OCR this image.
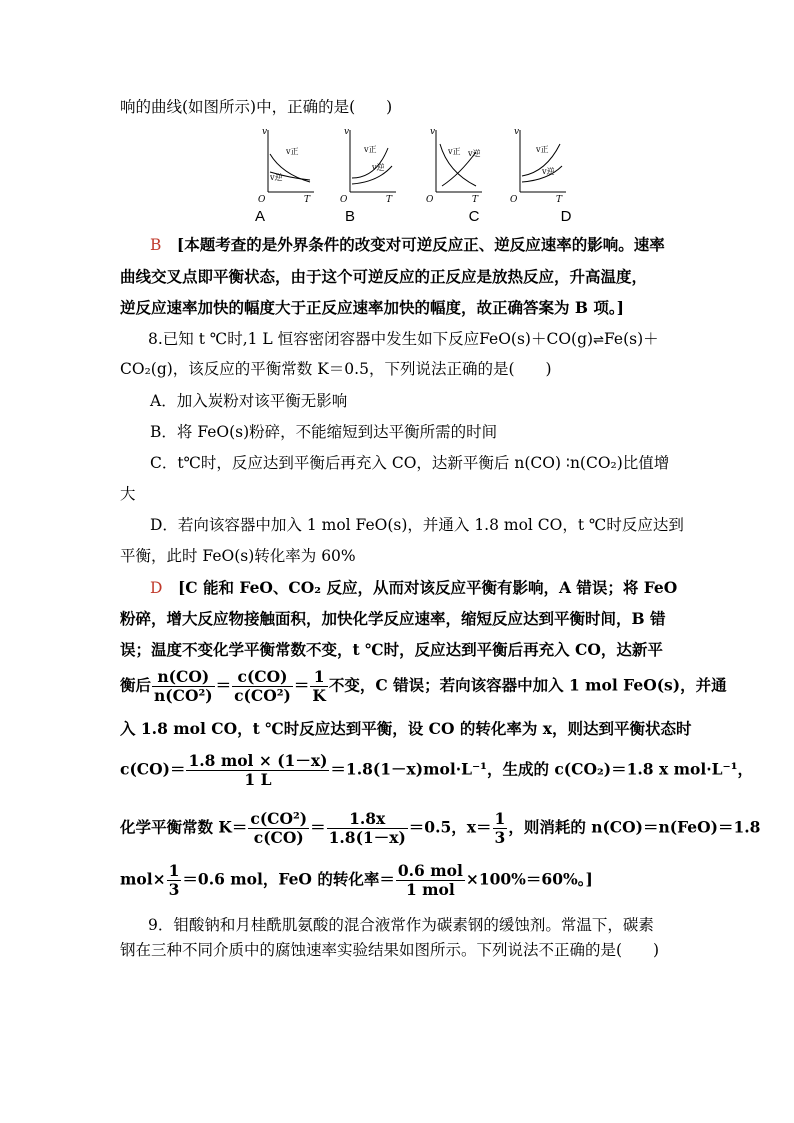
响的曲线(如图所示)中，正确的是(　　)
v
v逆
v正
O	T
v
v正
v逆
O	T
v
v正 v逆
O	T
v
v正
v逆
O	T
A	B	C	D
B　 [本题考查的是外界条件的改变对可逆反应正、逆反应速率的影响。速率
曲线交叉点即平衡状态，由于这个可逆反应的正反应是放热反应，升高温度，
逆反应速率加快的幅度大于正反应速率加快的幅度，故正确答案为 B 项。]
8.已知 t ℃时,1 L 恒容密闭容器中发生如下反应FeO(s)＋CO(g)⇌Fe(s)＋
CO₂(g)，该反应的平衡常数 K＝0.5，下列说法正确的是(　　)
A．加入炭粉对该平衡无影响
B．将 FeO(s)粉碎，不能缩短到达平衡所需的时间
C．t℃时，反应达到平衡后再充入 CO，达新平衡后 n(CO) ∶n(CO₂)比值增
大
D．若向该容器中加入 1 mol FeO(s)，并通入 1.8 mol CO，t ℃时反应达到
平衡，此时 FeO(s)转化率为 60%
D　 [C 能和 FeO、CO₂ 反应，从而对该反应平衡有影响，A 错误；将 FeO
粉碎，增大反应物接触面积，加快化学反应速率，缩短反应达到平衡时间，B 错
误；温度不变化学平衡常数不变，t ℃时，反应达到平衡后再充入 CO，达新平
衡后 $\frac{n(CO)}{\text{n(CO²)}} = \frac{c(CO)}{\text{c(CO²)}} = \frac{1}{K}$ 不变，C 错误；若向该容器中加入 1 mol FeO(s)，并通
入 1.8 mol CO，t ℃时反应达到平衡，设 CO 的转化率为 x，则达到平衡状态时
$c(CO)= \frac{\text{1.8 mol × (1－x)}}{1 L} =1.8(1-x)mol\cdot L^{-1}$，生成的 c(CO₂)＝1.8 x mol·L⁻¹，
化学平衡常数 $K= \frac{\text{c(CO²)}}{c(CO)} = \frac{1.8x}{1.8(1-x)} =0.5$，$x= \frac{1}{3}$ ，则消耗的 n(CO)＝n(FeO)＝1.8
$mol\times \frac{1}{3} =0.6$ mol，FeO 的转化率＝ $\frac{\text{0.6 mol}}{\text{1 mol}} \times 100\%=60\%$。]
9．钼酸钠和月桂酰肌氨酸的混合液常作为碳素钢的缓蚀剂。常温下，碳素
钢在三种不同介质中的腐蚀速率实验结果如图所示。下列说法不正确的是(　　)
